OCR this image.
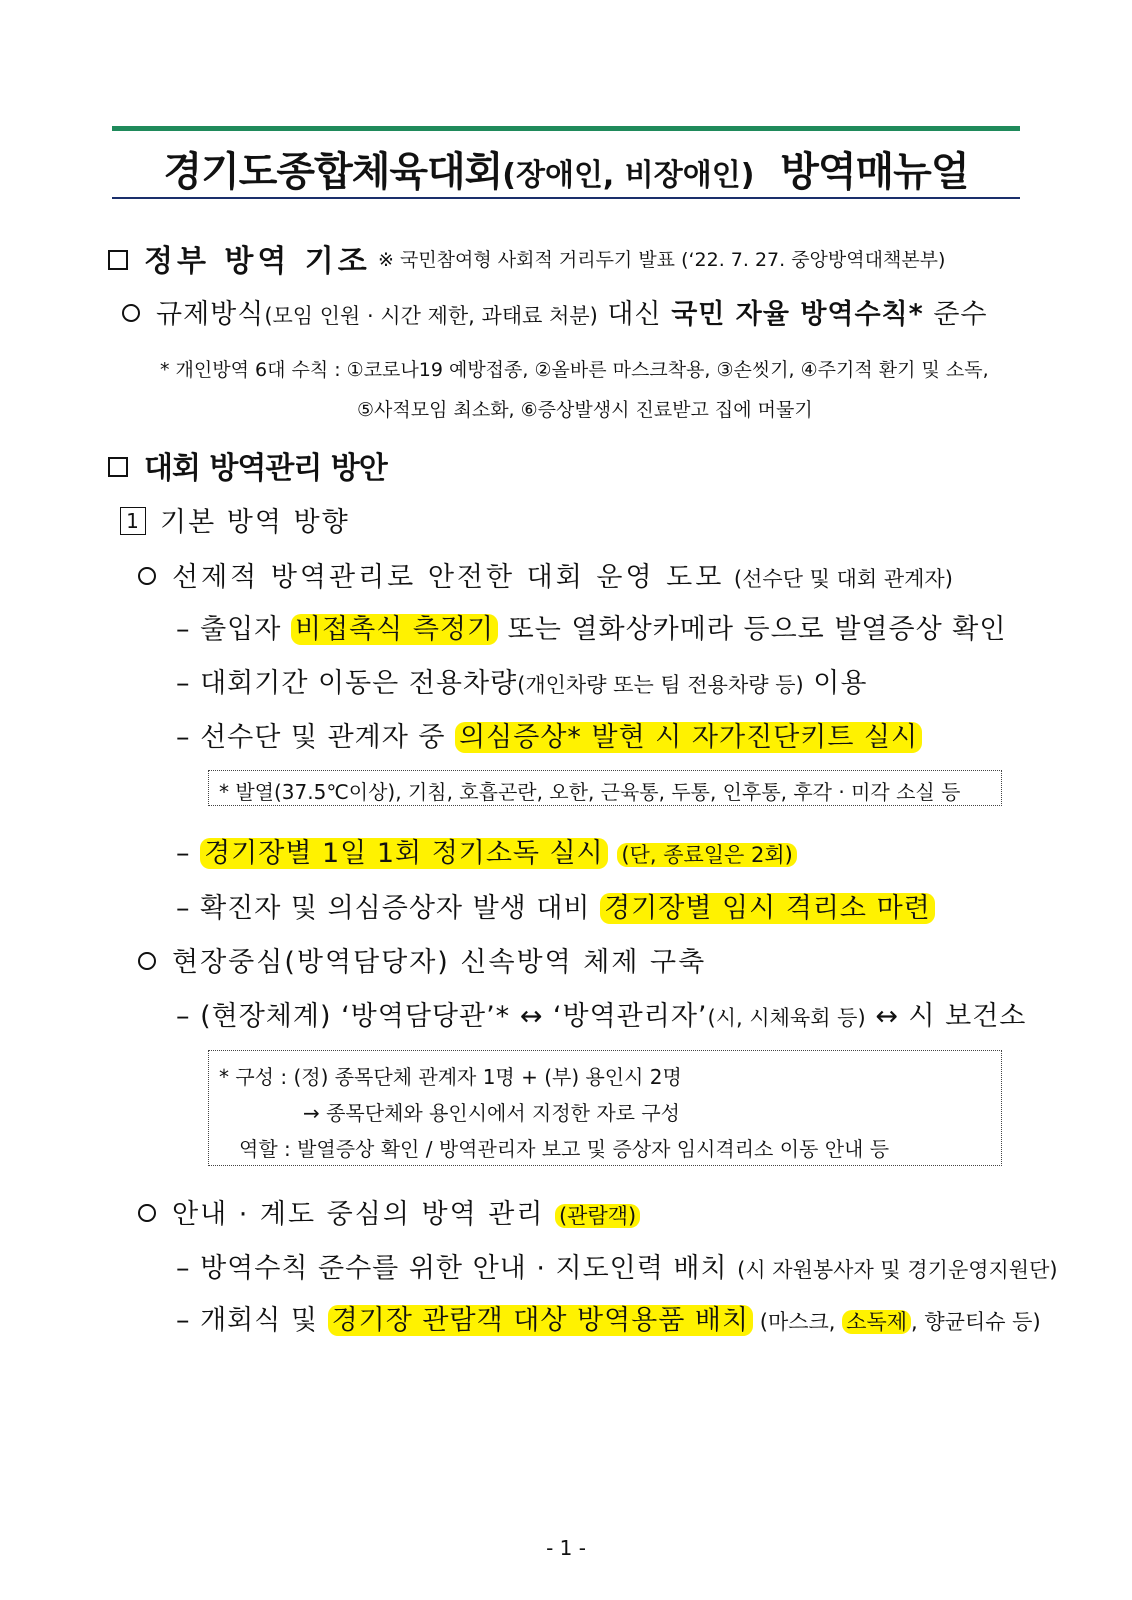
경기도종합체육대회(장애인, 비장애인) 방역매뉴얼
정부 방역 기조 ※ 국민참여형 사회적 거리두기 발표 (‘22. 7. 27. 중앙방역대책본부)
규제방식(모임 인원 · 시간 제한, 과태료 처분) 대신 국민 자율 방역수칙* 준수
* 개인방역 6대 수칙 : ①코로나19 예방접종, ②올바른 마스크착용, ③손씻기, ④주기적 환기 및 소독,
⑤사적모임 최소화, ⑥증상발생시 진료받고 집에 머물기
대회 방역관리 방안
1 기본 방역 방향
선제적 방역관리로 안전한 대회 운영 도모 (선수단 및 대회 관계자)
– 출입자 비접촉식 측정기 또는 열화상카메라 등으로 발열증상 확인
– 대회기간 이동은 전용차량(개인차량 또는 팀 전용차량 등) 이용
– 선수단 및 관계자 중 의심증상* 발현 시 자가진단키트 실시
* 발열(37.5℃이상), 기침, 호흡곤란, 오한, 근육통, 두통, 인후통, 후각 · 미각 소실 등
– 경기장별 1일 1회 정기소독 실시 (단, 종료일은 2회)
– 확진자 및 의심증상자 발생 대비 경기장별 임시 격리소 마련
현장중심(방역담당자) 신속방역 체제 구축
– (현장체계) ‘방역담당관’* ↔ ‘방역관리자’(시, 시체육회 등) ↔ 시 보건소
* 구성 : (정) 종목단체 관계자 1명 + (부) 용인시 2명
→ 종목단체와 용인시에서 지정한 자로 구성
역할 : 발열증상 확인 / 방역관리자 보고 및 증상자 임시격리소 이동 안내 등
안내 · 계도 중심의 방역 관리 (관람객)
– 방역수칙 준수를 위한 안내 · 지도인력 배치 (시 자원봉사자 및 경기운영지원단)
– 개회식 및 경기장 관람객 대상 방역용품 배치 (마스크, 소독제 , 향균티슈 등)
- 1 -
